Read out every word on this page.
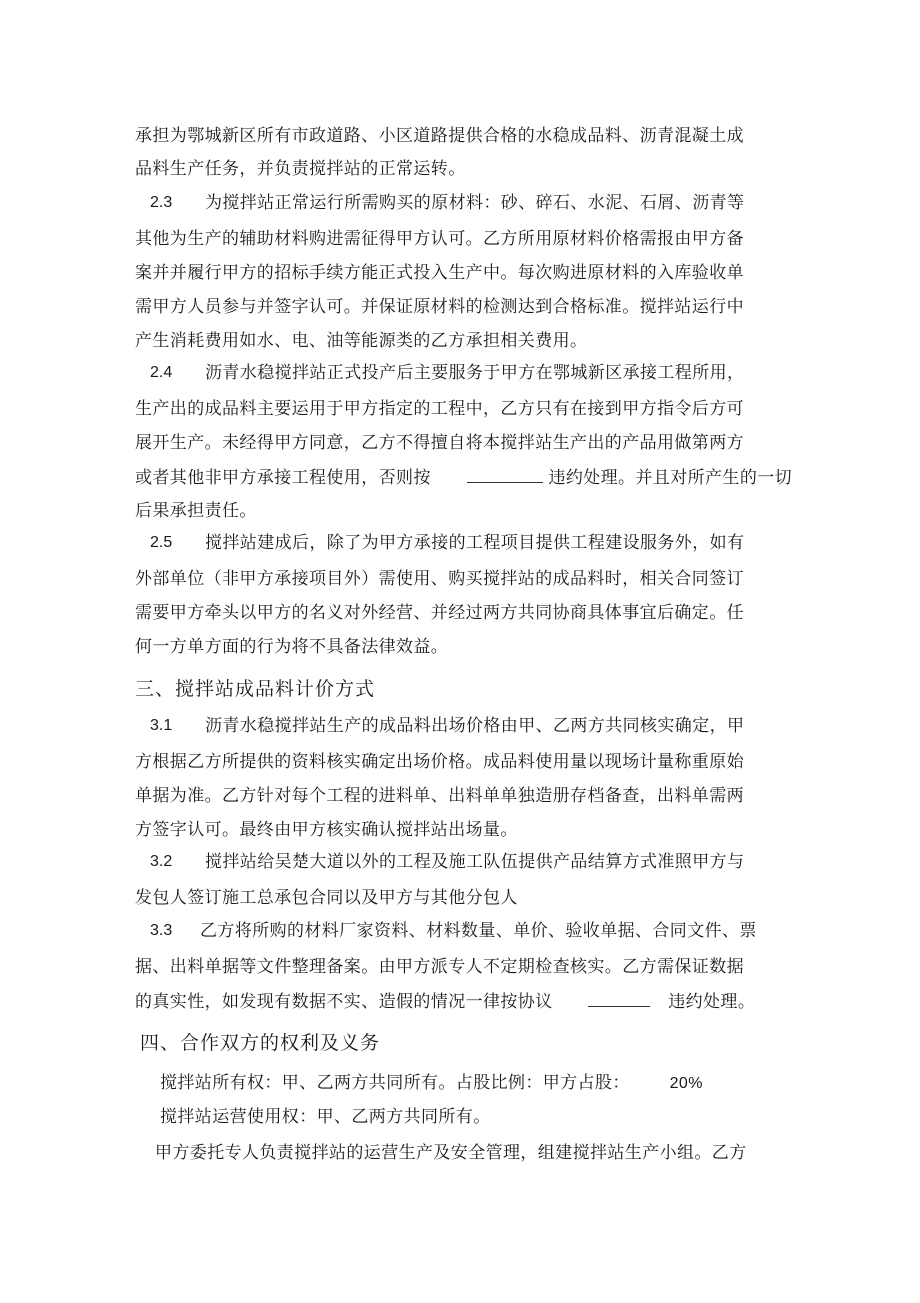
承担为鄂城新区所有市政道路、小区道路提供合格的水稳成品料、沥青混凝土成
品料生产任务，并负责搅拌站的正常运转。
2.3 为搅拌站正常运行所需购买的原材料：砂、碎石、水泥、石屑、沥青等
其他为生产的辅助材料购进需征得甲方认可。乙方所用原材料价格需报由甲方备
案并并履行甲方的招标手续方能正式投入生产中。每次购进原材料的入库验收单
需甲方人员参与并签字认可。并保证原材料的检测达到合格标准。搅拌站运行中
产生消耗费用如水、电、油等能源类的乙方承担相关费用。
2.4 沥青水稳搅拌站正式投产后主要服务于甲方在鄂城新区承接工程所用，
生产出的成品料主要运用于甲方指定的工程中，乙方只有在接到甲方指令后方可
展开生产。未经得甲方同意，乙方不得擅自将本搅拌站生产出的产品用做第两方
或者其他非甲方承接工程使用，否则按	违约处理。并且对所产生的一切
后果承担责任。
2.5 搅拌站建成后，除了为甲方承接的工程项目提供工程建设服务外，如有
外部单位（非甲方承接项目外）需使用、购买搅拌站的成品料时，相关合同签订
需要甲方牵头以甲方的名义对外经营、并经过两方共同协商具体事宜后确定。任
何一方单方面的行为将不具备法律效益。
三、搅拌站成品料计价方式
3.1 沥青水稳搅拌站生产的成品料出场价格由甲、乙两方共同核实确定，甲
方根据乙方所提供的资料核实确定出场价格。成品料使用量以现场计量称重原始
单据为准。乙方针对每个工程的进料单、出料单单独造册存档备查，出料单需两
方签字认可。最终由甲方核实确认搅拌站出场量。
3.2 搅拌站给吴楚大道以外的工程及施工队伍提供产品结算方式准照甲方与
发包人签订施工总承包合同以及甲方与其他分包人
3.3 乙方将所购的材料厂家资料、材料数量、单价、验收单据、合同文件、票
据、出料单据等文件整理备案。由甲方派专人不定期检查核实。乙方需保证数据
的真实性，如发现有数据不实、造假的情况一律按协议	违约处理。
四、合作双方的权利及义务
搅拌站所有权：甲、乙两方共同所有。占股比例：甲方占股： 20%
搅拌站运营使用权：甲、乙两方共同所有。
甲方委托专人负责搅拌站的运营生产及安全管理，组建搅拌站生产小组。乙方
